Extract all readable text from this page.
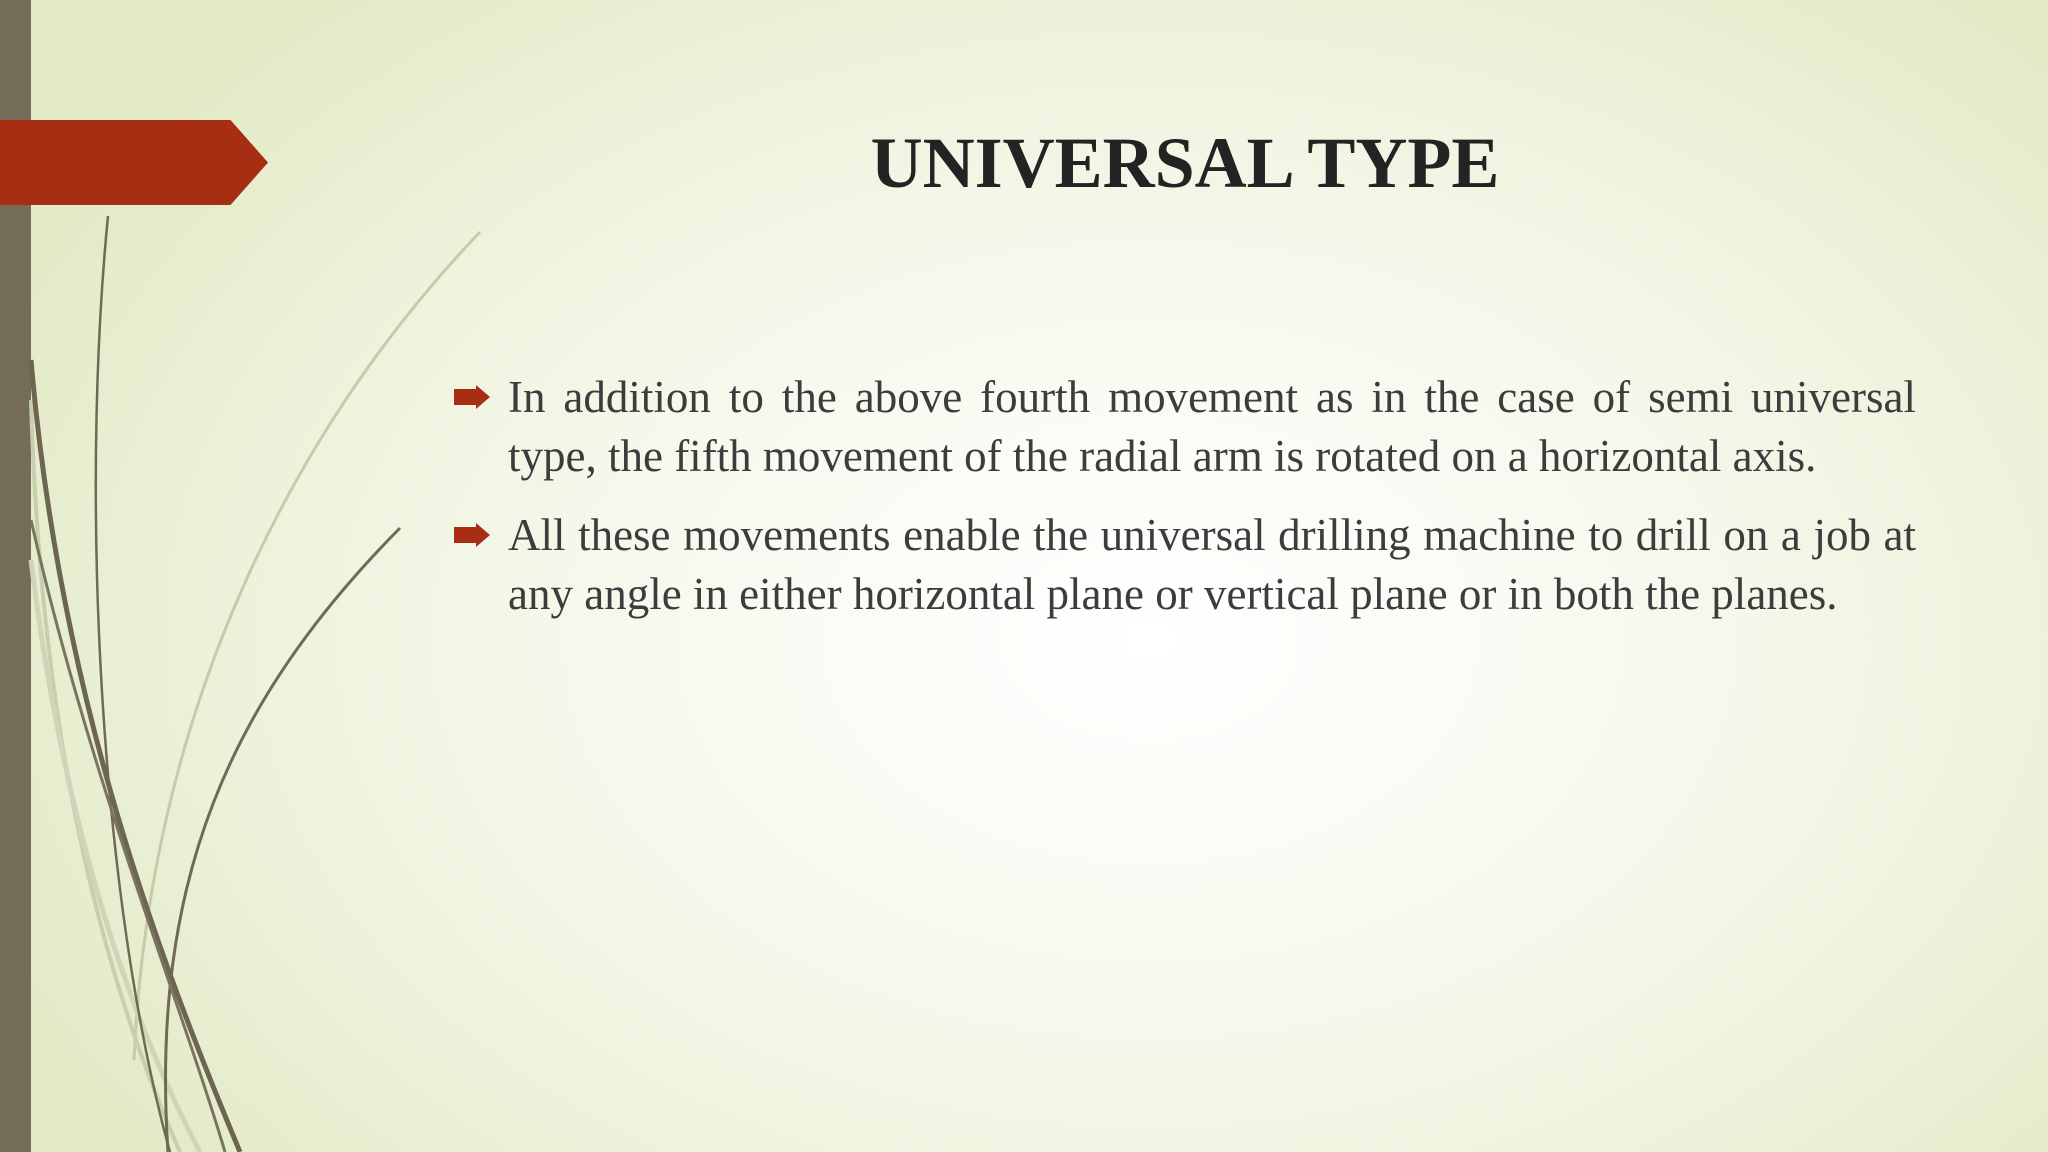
UNIVERSAL TYPE
In addition to the above fourth movement as in the case of semi universal type, the fifth movement of the radial arm is rotated on a horizontal axis.
All these movements enable the universal drilling machine to drill on a job at any angle in either horizontal plane or vertical plane or in both the planes.
